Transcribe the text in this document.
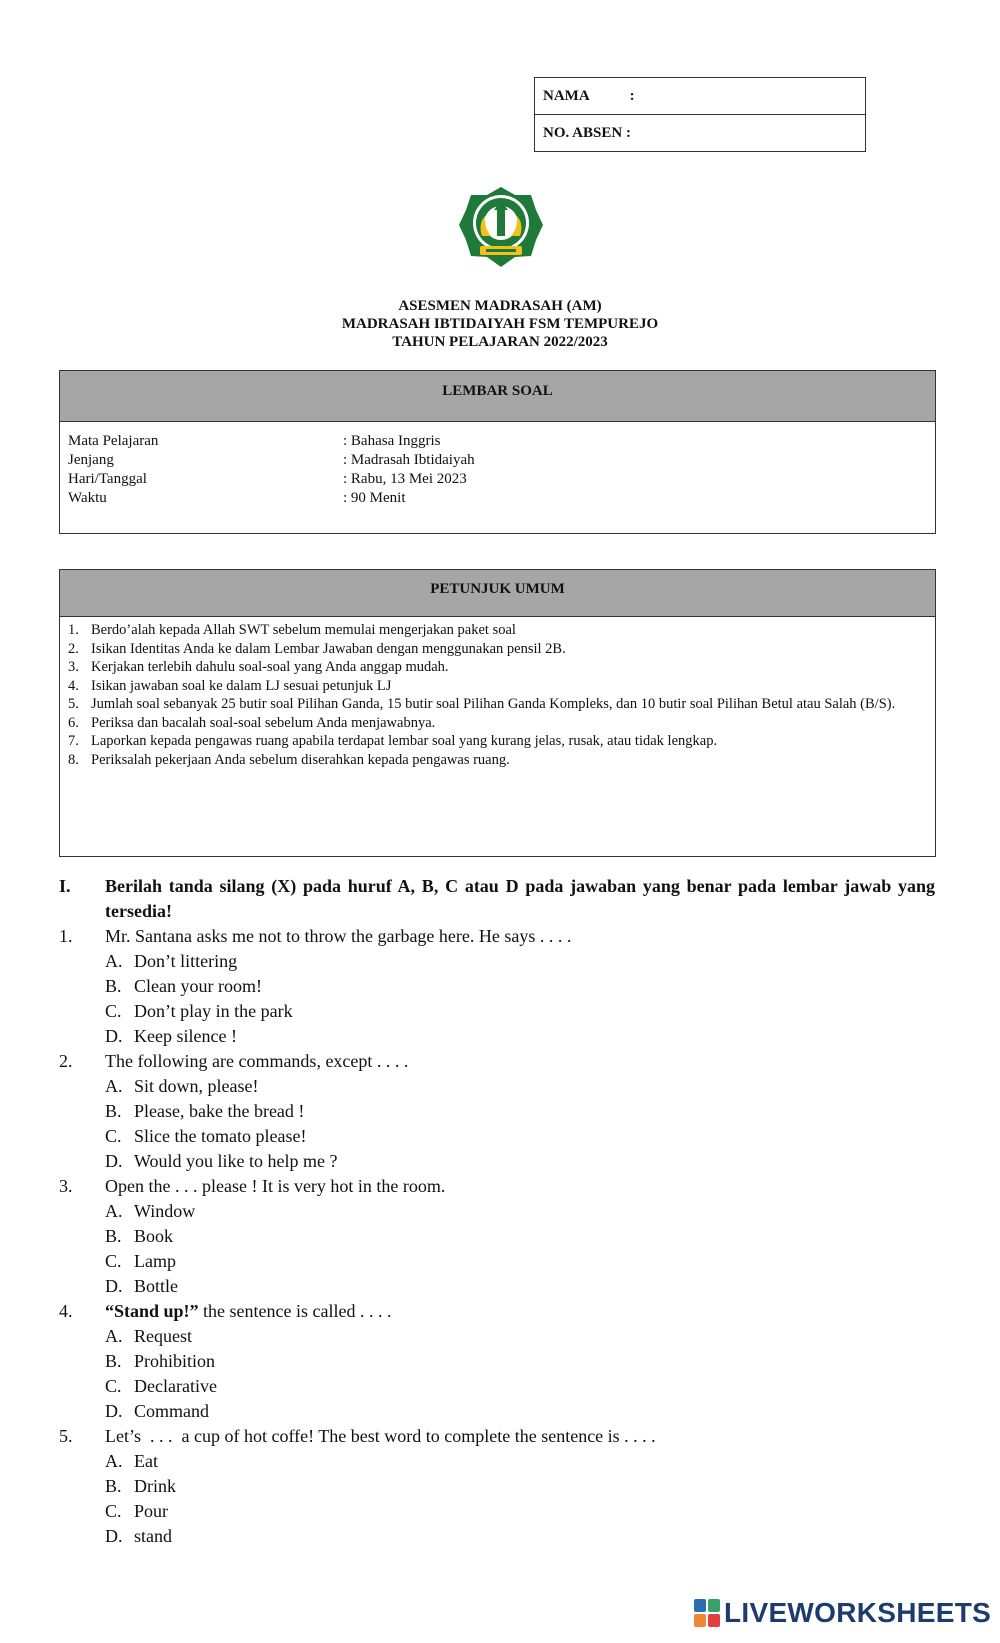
NAMA	:
NO. ABSEN :
ASESMEN MADRASAH (AM)
MADRASAH IBTIDAIYAH FSM TEMPUREJO
TAHUN PELAJARAN 2022/2023
LEMBAR SOAL
Mata Pelajaran	: Bahasa Inggris
Jenjang	: Madrasah Ibtidaiyah
Hari/Tanggal	: Rabu, 13 Mei 2023
Waktu	: 90 Menit
PETUNJUK UMUM
1. Berdo’alah kepada Allah SWT sebelum memulai mengerjakan paket soal
2. Isikan Identitas Anda ke dalam Lembar Jawaban dengan menggunakan pensil 2B.
3. Kerjakan terlebih dahulu soal-soal yang Anda anggap mudah.
4. Isikan jawaban soal ke dalam LJ sesuai petunjuk LJ
5. Jumlah soal sebanyak 25 butir soal Pilihan Ganda, 15 butir soal Pilihan Ganda Kompleks, dan 10 butir soal Pilihan Betul atau Salah (B/S).
6. Periksa dan bacalah soal-soal sebelum Anda menjawabnya.
7. Laporkan kepada pengawas ruang apabila terdapat lembar soal yang kurang jelas, rusak, atau tidak lengkap.
8. Periksalah pekerjaan Anda sebelum diserahkan kepada pengawas ruang.
I.	Berilah tanda silang (X) pada huruf A, B, C atau D pada jawaban yang benar pada lembar jawab yang tersedia!
1.	Mr. Santana asks me not to throw the garbage here. He says . . . .
A. Don’t littering
B. Clean your room!
C. Don’t play in the park
D. Keep silence !
2.	The following are commands, except . . . .
A. Sit down, please!
B. Please, bake the bread !
C. Slice the tomato please!
D. Would you like to help me ?
3.	Open the . . . please ! It is very hot in the room.
A. Window
B. Book
C. Lamp
D. Bottle
4.	“Stand up!” the sentence is called . . . .
A. Request
B. Prohibition
C. Declarative
D. Command
5.	Let’s  . . .  a cup of hot coffe! The best word to complete the sentence is . . . .
A. Eat
B. Drink
C. Pour
D. stand
LIVEWORKSHEETS
